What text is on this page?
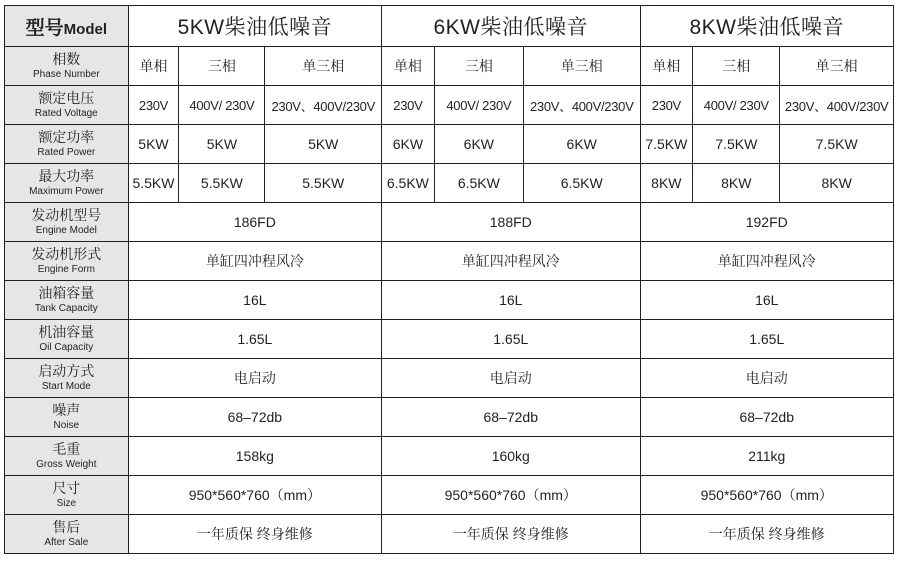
型号Model	5KW柴油低噪音			6KW柴油低噪音			8KW柴油低噪音		

相数
Phase Number	单相	三相	单三相	单相	三相	单三相	单相	三相	单三相

额定电压
Rated Voltage	230V	400V/ 230V	230V、400V/230V	230V	400V/ 230V	230V、400V/230V	230V	400V/ 230V	230V、400V/230V

额定功率
Rated Power	5KW	5KW	5KW	6KW	6KW	6KW	7.5KW	7.5KW	7.5KW

最大功率
Maximum Power	5.5KW	5.5KW	5.5KW	6.5KW	6.5KW	6.5KW	8KW	8KW	8KW

发动机型号
Engine Model	186FD			188FD			192FD		

发动机形式
Engine Form	单缸四冲程风冷			单缸四冲程风冷			单缸四冲程风冷		

油箱容量
Tank Capacity	16L			16L			16L		

机油容量
Oil Capacity	1.65L			1.65L			1.65L		

启动方式
Start Mode	电启动			电启动			电启动		

噪声
Noise	68–72db			68–72db			68–72db		

毛重
Gross Weight	158kg			160kg			211kg		

尺寸
Size	950*560*760（mm）			950*560*760（mm）			950*560*760（mm）		

售后
After Sale	一年质保 终身维修			一年质保 终身维修			一年质保 终身维修		
